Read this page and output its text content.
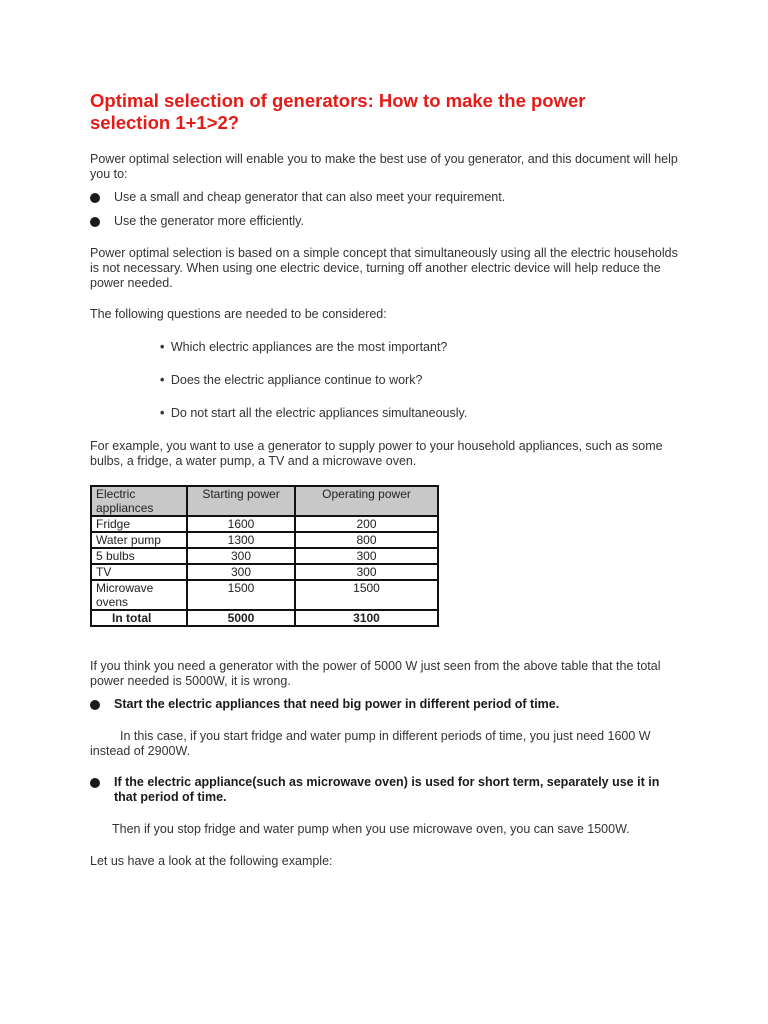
Optimal selection of generators: How to make the power selection 1+1>2?

Power optimal selection will enable you to make the best use of you generator, and this document will help you to:

Use a small and cheap generator that can also meet your requirement.
Use the generator more efficiently.

Power optimal selection is based on a simple concept that simultaneously using all the electric households is not necessary. When using one electric device, turning off another electric device will help reduce the power needed.

The following questions are needed to be considered:

• Which electric appliances are the most important?
• Does the electric appliance continue to work?
• Do not start all the electric appliances simultaneously.

For example, you want to use a generator to supply power to your household appliances, such as some bulbs, a fridge, a water pump, a TV and a microwave oven.

Electric appliances	Starting power	Operating power
Fridge	1600	200
Water pump	1300	800
5 bulbs	300	300
TV	300	300
Microwave ovens	1500	1500
In total	5000	3100

If you think you need a generator with the power of 5000 W just seen from the above table that the total power needed is 5000W, it is wrong.

Start the electric appliances that need big power in different period of time.

In this case, if you start fridge and water pump in different periods of time, you just need 1600 W instead of 2900W.

If the electric appliance(such as microwave oven) is used for short term, separately use it in that period of time.

Then if you stop fridge and water pump when you use microwave oven, you can save 1500W.

Let us have a look at the following example:
